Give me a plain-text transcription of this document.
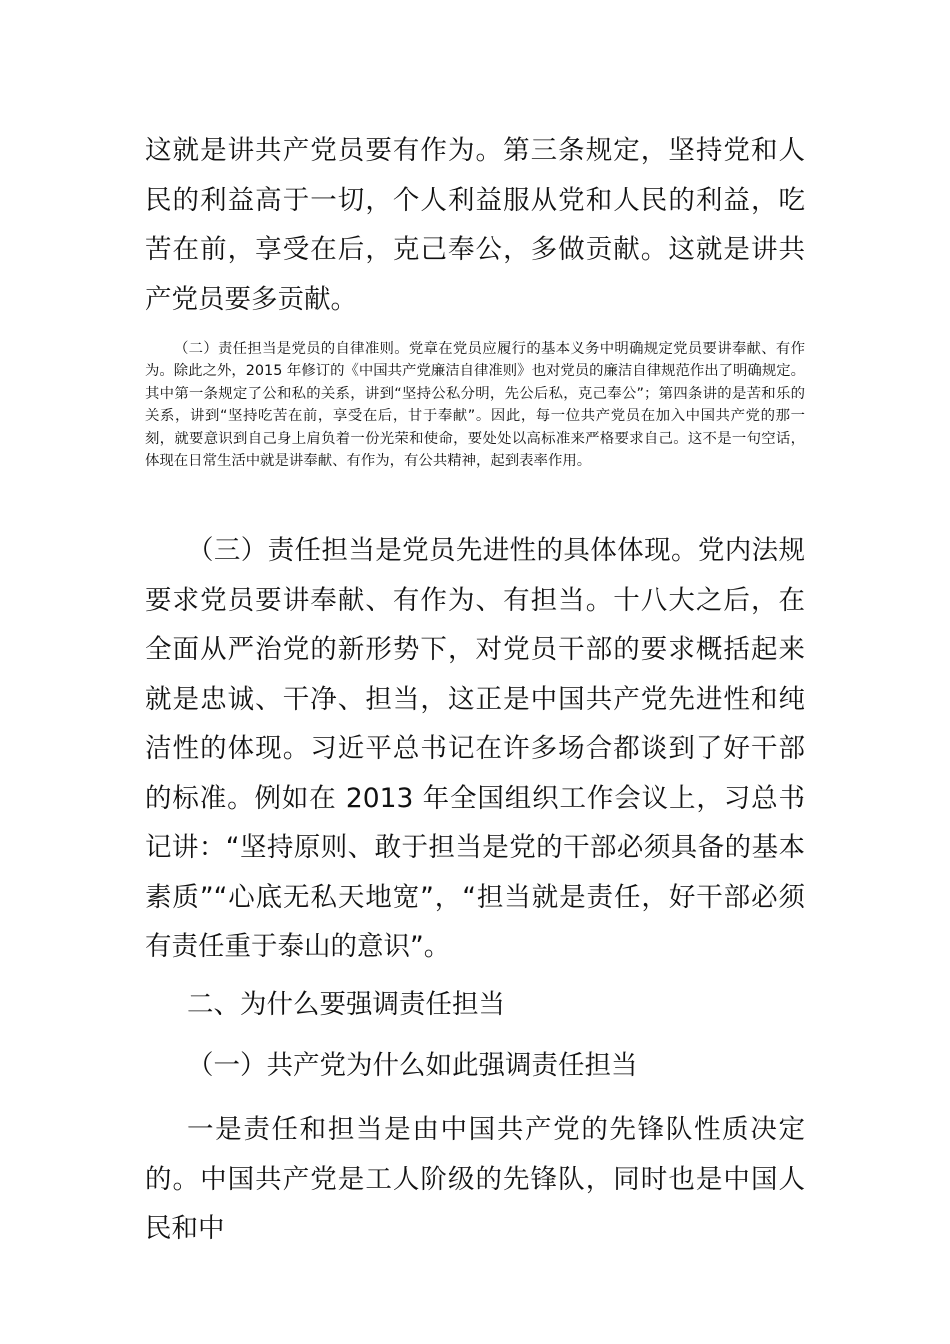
这就是讲共产党员要有作为。第三条规定，坚持党和人民的利益高于一切，个人利益服从党和人民的利益，吃苦在前，享受在后，克己奉公，多做贡献。这就是讲共产党员要多贡献。

（二）责任担当是党员的自律准则。党章在党员应履行的基本义务中明确规定党员要讲奉献、有作为。除此之外，2015 年修订的《中国共产党廉洁自律准则》也对党员的廉洁自律规范作出了明确规定。其中第一条规定了公和私的关系，讲到“坚持公私分明，先公后私，克己奉公”；第四条讲的是苦和乐的关系，讲到“坚持吃苦在前，享受在后，甘于奉献”。因此，每一位共产党员在加入中国共产党的那一刻，就要意识到自己身上肩负着一份光荣和使命，要处处以高标准来严格要求自己。这不是一句空话，体现在日常生活中就是讲奉献、有作为，有公共精神，起到表率作用。

（三）责任担当是党员先进性的具体体现。党内法规要求党员要讲奉献、有作为、有担当。十八大之后，在全面从严治党的新形势下，对党员干部的要求概括起来就是忠诚、干净、担当，这正是中国共产党先进性和纯洁性的体现。习近平总书记在许多场合都谈到了好干部的标准。例如在 2013 年全国组织工作会议上，习总书记讲：“坚持原则、敢于担当是党的干部必须具备的基本素质”“心底无私天地宽”，“担当就是责任，好干部必须有责任重于泰山的意识”。

二、为什么要强调责任担当

（一）共产党为什么如此强调责任担当

一是责任和担当是由中国共产党的先锋队性质决定的。中国共产党是工人阶级的先锋队，同时也是中国人民和中
